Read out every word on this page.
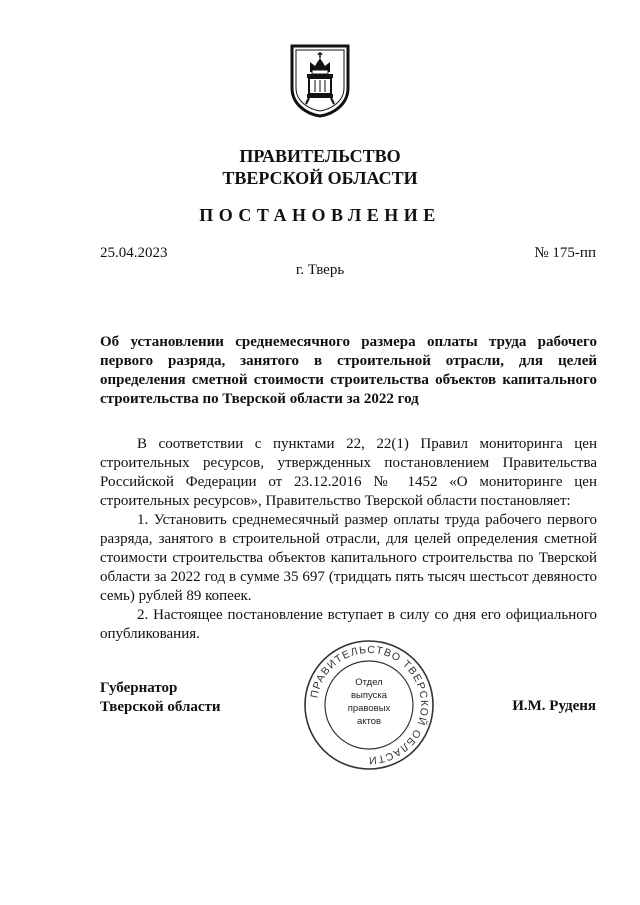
ПРАВИТЕЛЬСТВО
ТВЕРСКОЙ ОБЛАСТИ
ПОСТАНОВЛЕНИЕ
25.04.2023	№ 175-пп
г. Тверь
Об установлении среднемесячного размера оплаты труда рабочего первого разряда, занятого в строительной отрасли, для целей определения сметной стоимости строительства объектов капитального строительства по Тверской области за 2022 год

В соответствии с пунктами 22, 22(1) Правил мониторинга цен строительных ресурсов, утвержденных постановлением Правительства Российской Федерации от 23.12.2016 № 1452 «О мониторинге цен строительных ресурсов», Правительство Тверской области постановляет:

1. Установить среднемесячный размер оплаты труда рабочего первого разряда, занятого в строительной отрасли, для целей определения сметной стоимости строительства объектов капитального строительства по Тверской области за 2022 год в сумме 35 697 (тридцать пять тысяч шестьсот девяносто семь) рублей 89 копеек.

2. Настоящее постановление вступает в силу со дня его официального опубликования.

Губернатор
Тверской области	И.М. Руденя
ПРАВИТЕЛЬСТВО ТВЕРСКОЙ ОБЛАСТИ
Отдел
выпуска
правовых
актов
